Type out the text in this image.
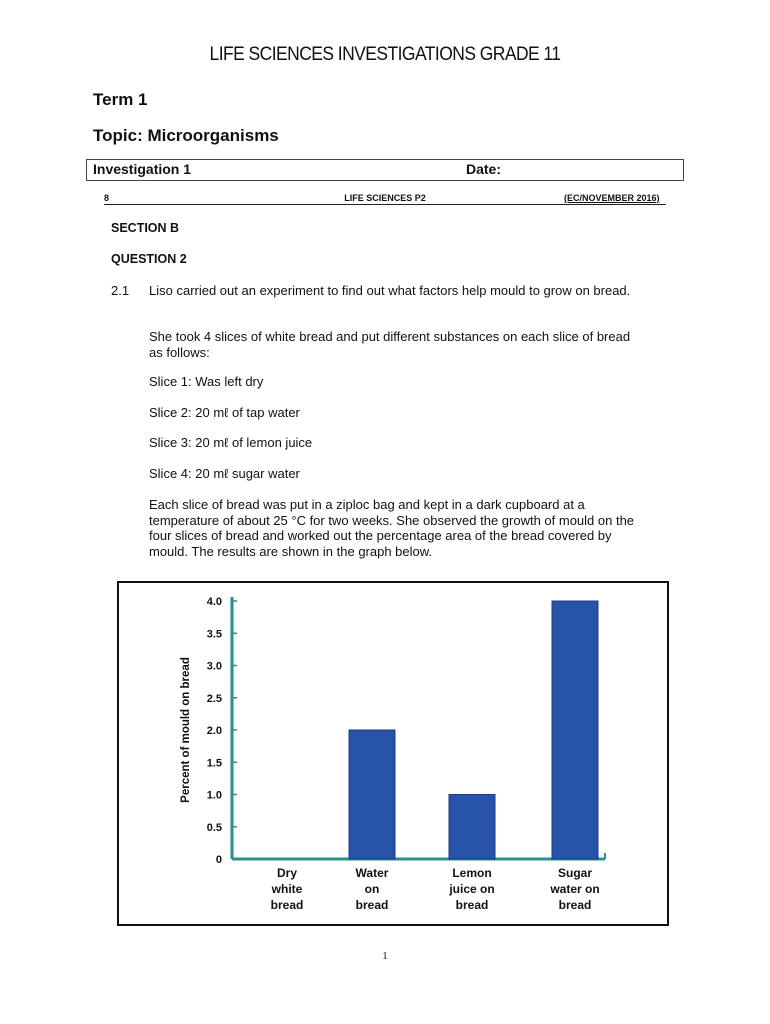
LIFE SCIENCES INVESTIGATIONS GRADE 11
Term 1
Topic: Microorganisms
Investigation 1	Date:
8	LIFE SCIENCES P2	(EC/NOVEMBER 2016)
SECTION B
QUESTION 2
2.1 Liso carried out an experiment to find out what factors help mould to grow on bread.
She took 4 slices of white bread and put different substances on each slice of bread as follows:
Slice 1: Was left dry
Slice 2: 20 mℓ of tap water
Slice 3: 20 mℓ of lemon juice
Slice 4: 20 mℓ sugar water
Each slice of bread was put in a ziploc bag and kept in a dark cupboard at a temperature of about 25 °C for two weeks. She observed the growth of mould on the four slices of bread and worked out the percentage area of the bread covered by mould. The results are shown in the graph below.
0
0.5
1.0
1.5
2.0
2.5
3.0
3.5
4.0
Percent of mould on bread
Dry
white
bread
Water
on
bread
Lemon
juice on
bread
Sugar
water on
bread
1
